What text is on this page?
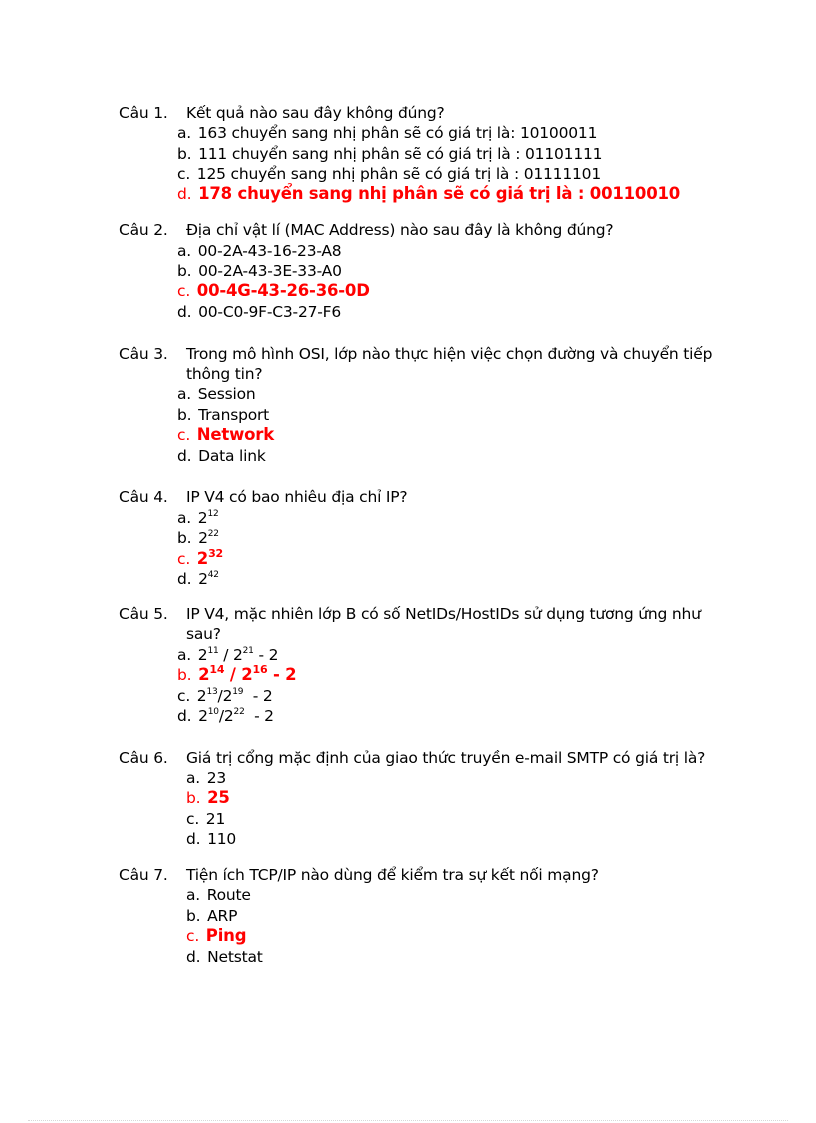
Câu 1. Kết quả nào sau đây không đúng?
a. 163 chuyển sang nhị phân sẽ có giá trị là: 10100011
b. 111 chuyển sang nhị phân sẽ có giá trị là : 01101111
c. 125 chuyển sang nhị phân sẽ có giá trị là : 01111101
d. 178 chuyển sang nhị phân sẽ có giá trị là : 00110010
Câu 2. Địa chỉ vật lí (MAC Address) nào sau đây là không đúng?
a. 00-2A-43-16-23-A8
b. 00-2A-43-3E-33-A0
c. 00-4G-43-26-36-0D
d. 00-C0-9F-C3-27-F6
Câu 3. Trong mô hình OSI, lớp nào thực hiện việc chọn đường và chuyển tiếp
thông tin?
a. Session
b. Transport
c. Network
d. Data link
Câu 4. IP V4 có bao nhiêu địa chỉ IP?
a. $2^{12}$
b. $2^{22}$
c. $2^{32}$
d. $2^{42}$
Câu 5. IP V4, mặc nhiên lớp B có số NetIDs/HostIDs sử dụng tương ứng như
sau?
a. $2^{11} / 2^{21} - 2$
b. $2^{14} / 2^{16} - 2$
c. $2^{13}/2^{19} - 2$
d. $2^{10}/2^{22} - 2$
Câu 6. Giá trị cổng mặc định của giao thức truyền e-mail SMTP có giá trị là?
a. 23
b. 25
c. 21
d. 110
Câu 7. Tiện ích TCP/IP nào dùng để kiểm tra sự kết nối mạng?
a. Route
b. ARP
c. Ping
d. Netstat
